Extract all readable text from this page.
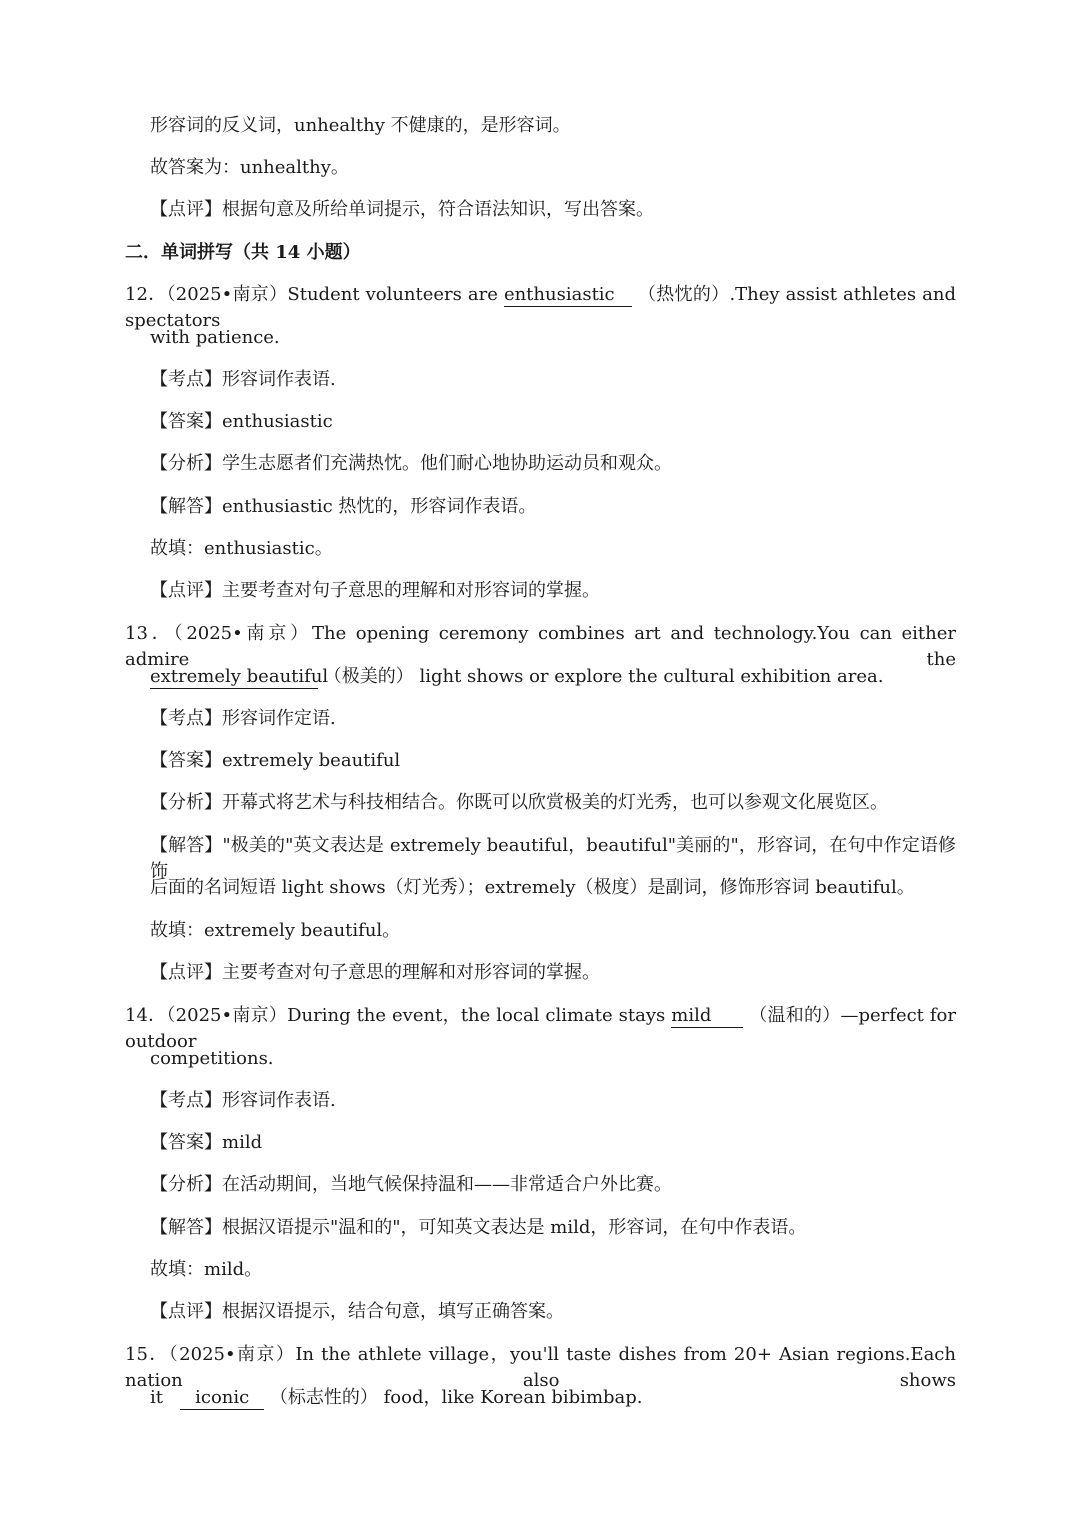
形容词的反义词，unhealthy 不健康的，是形容词。
故答案为：unhealthy。
【点评】根据句意及所给单词提示，符合语法知识，写出答案。
二．单词拼写（共 14 小题）
12．（2025•南京）Student volunteers are enthusiastic （热忱的）.They assist athletes and spectators
with patience.
【考点】形容词作表语.
【答案】enthusiastic
【分析】学生志愿者们充满热忱。他们耐心地协助运动员和观众。
【解答】enthusiastic 热忱的，形容词作表语。
故填：enthusiastic。
【点评】主要考查对句子意思的理解和对形容词的掌握。
13．（2025•南京）The opening ceremony combines art and technology.You can either admire the
extremely beautiful （极美的） light shows or explore the cultural exhibition area.
【考点】形容词作定语.
【答案】extremely beautiful
【分析】开幕式将艺术与科技相结合。你既可以欣赏极美的灯光秀，也可以参观文化展览区。
【解答】"极美的"英文表达是 extremely beautiful，beautiful"美丽的"，形容词，在句中作定语修饰
后面的名词短语 light shows（灯光秀）；extremely（极度）是副词，修饰形容词 beautiful。
故填：extremely beautiful。
【点评】主要考查对句子意思的理解和对形容词的掌握。
14．（2025•南京）During the event，the local climate stays mild （温和的）—perfect for outdoor
competitions.
【考点】形容词作表语.
【答案】mild
【分析】在活动期间，当地气候保持温和——非常适合户外比赛。
【解答】根据汉语提示"温和的"，可知英文表达是 mild，形容词，在句中作表语。
故填：mild。
【点评】根据汉语提示，结合句意，填写正确答案。
15．（2025•南京）In the athlete village，you'll taste dishes from 20+ Asian regions.Each nation also shows
it iconic （标志性的） food，like Korean bibimbap.
